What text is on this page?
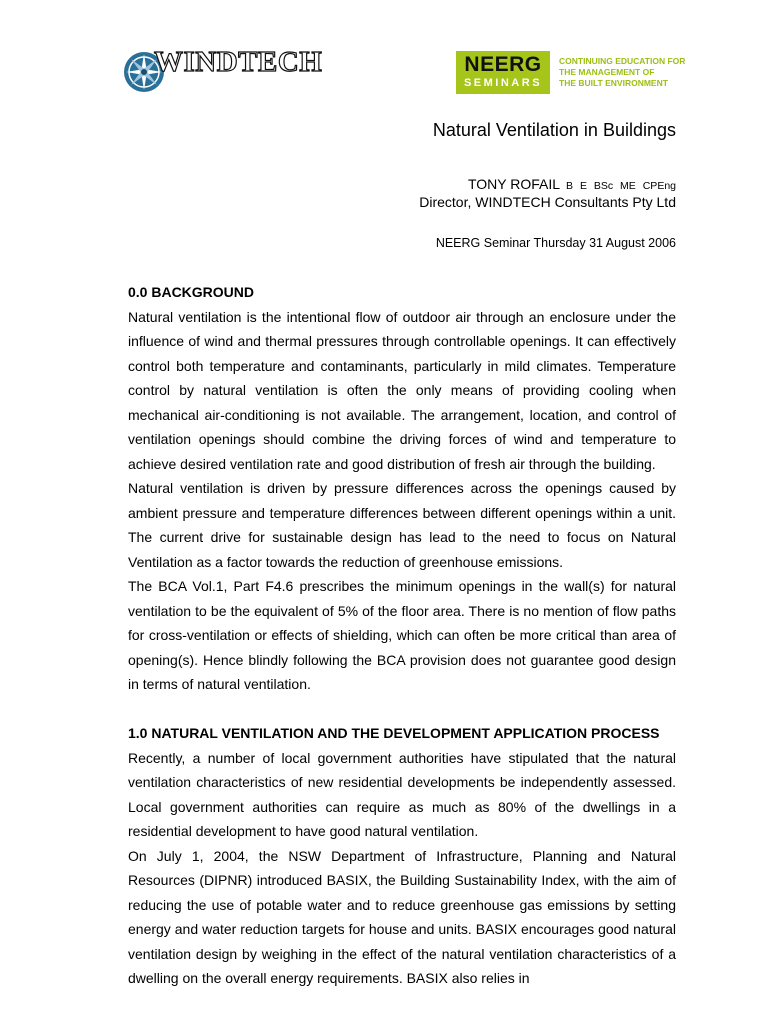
WINDTECH	NEERG
SEMINARS
CONTINUING EDUCATION FOR
THE MANAGEMENT OF
THE BUILT ENVIRONMENT
Natural Ventilation in Buildings
TONY ROFAIL B E BSc ME CPEng
Director, WINDTECH Consultants Pty Ltd
NEERG Seminar Thursday 31 August 2006
0.0 BACKGROUND
Natural ventilation is the intentional flow of outdoor air through an enclosure under the influence of wind and thermal pressures through controllable openings. It can effectively control both temperature and contaminants, particularly in mild climates. Temperature control by natural ventilation is often the only means of providing cooling when mechanical air-conditioning is not available. The arrangement, location, and control of ventilation openings should combine the driving forces of wind and temperature to achieve desired ventilation rate and good distribution of fresh air through the building.
Natural ventilation is driven by pressure differences across the openings caused by ambient pressure and temperature differences between different openings within a unit. The current drive for sustainable design has lead to the need to focus on Natural Ventilation as a factor towards the reduction of greenhouse emissions.
The BCA Vol.1, Part F4.6 prescribes the minimum openings in the wall(s) for natural ventilation to be the equivalent of 5% of the floor area. There is no mention of flow paths for cross-ventilation or effects of shielding, which can often be more critical than area of opening(s). Hence blindly following the BCA provision does not guarantee good design in terms of natural ventilation.
1.0 NATURAL VENTILATION AND THE DEVELOPMENT APPLICATION PROCESS
Recently, a number of local government authorities have stipulated that the natural ventilation characteristics of new residential developments be independently assessed. Local government authorities can require as much as 80% of the dwellings in a residential development to have good natural ventilation.
On July 1, 2004, the NSW Department of Infrastructure, Planning and Natural Resources (DIPNR) introduced BASIX, the Building Sustainability Index, with the aim of reducing the use of potable water and to reduce greenhouse gas emissions by setting energy and water reduction targets for house and units. BASIX encourages good natural ventilation design by weighing in the effect of the natural ventilation characteristics of a dwelling on the overall energy requirements. BASIX also relies in
